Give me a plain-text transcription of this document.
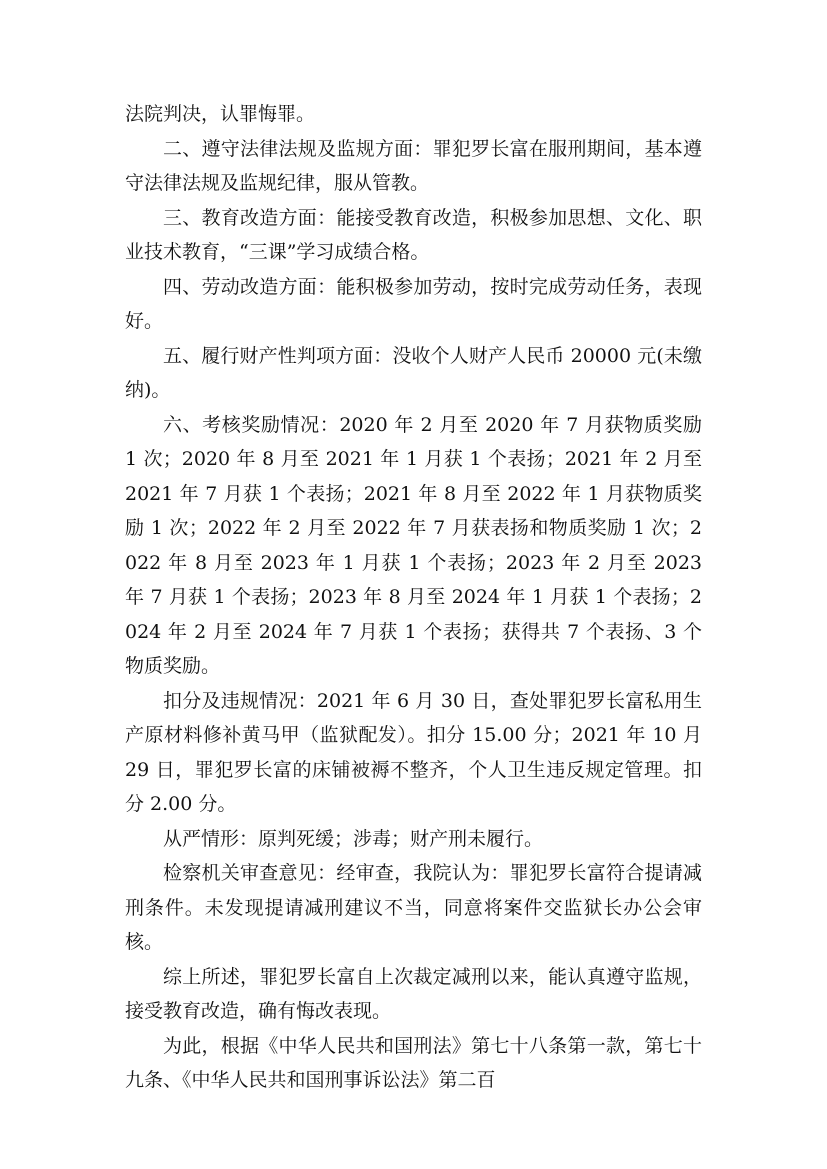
法院判决，认罪悔罪。

二、遵守法律法规及监规方面：罪犯罗长富在服刑期间，基本遵守法律法规及监规纪律，服从管教。

三、教育改造方面：能接受教育改造，积极参加思想、文化、职业技术教育，“三课”学习成绩合格。

四、劳动改造方面：能积极参加劳动，按时完成劳动任务，表现好。

五、履行财产性判项方面：没收个人财产人民币 20000 元(未缴纳)。

六、考核奖励情况：2020 年 2 月至 2020 年 7 月获物质奖励 1 次；2020 年 8 月至 2021 年 1 月获 1 个表扬；2021 年 2 月至 2021 年 7 月获 1 个表扬；2021 年 8 月至 2022 年 1 月获物质奖励 1 次；2022 年 2 月至 2022 年 7 月获表扬和物质奖励 1 次；2022 年 8 月至 2023 年 1 月获 1 个表扬；2023 年 2 月至 2023 年 7 月获 1 个表扬；2023 年 8 月至 2024 年 1 月获 1 个表扬；2024 年 2 月至 2024 年 7 月获 1 个表扬；获得共 7 个表扬、3 个物质奖励。

扣分及违规情况：2021 年 6 月 30 日，查处罪犯罗长富私用生产原材料修补黄马甲（监狱配发）。扣分 15.00 分；2021 年 10 月 29 日，罪犯罗长富的床铺被褥不整齐，个人卫生违反规定管理。扣分 2.00 分。

从严情形：原判死缓；涉毒；财产刑未履行。

检察机关审查意见：经审查，我院认为：罪犯罗长富符合提请减刑条件。未发现提请减刑建议不当，同意将案件交监狱长办公会审核。

综上所述，罪犯罗长富自上次裁定减刑以来，能认真遵守监规，接受教育改造，确有悔改表现。

为此，根据《中华人民共和国刑法》第七十八条第一款，第七十九条、《中华人民共和国刑事诉讼法》第二百
